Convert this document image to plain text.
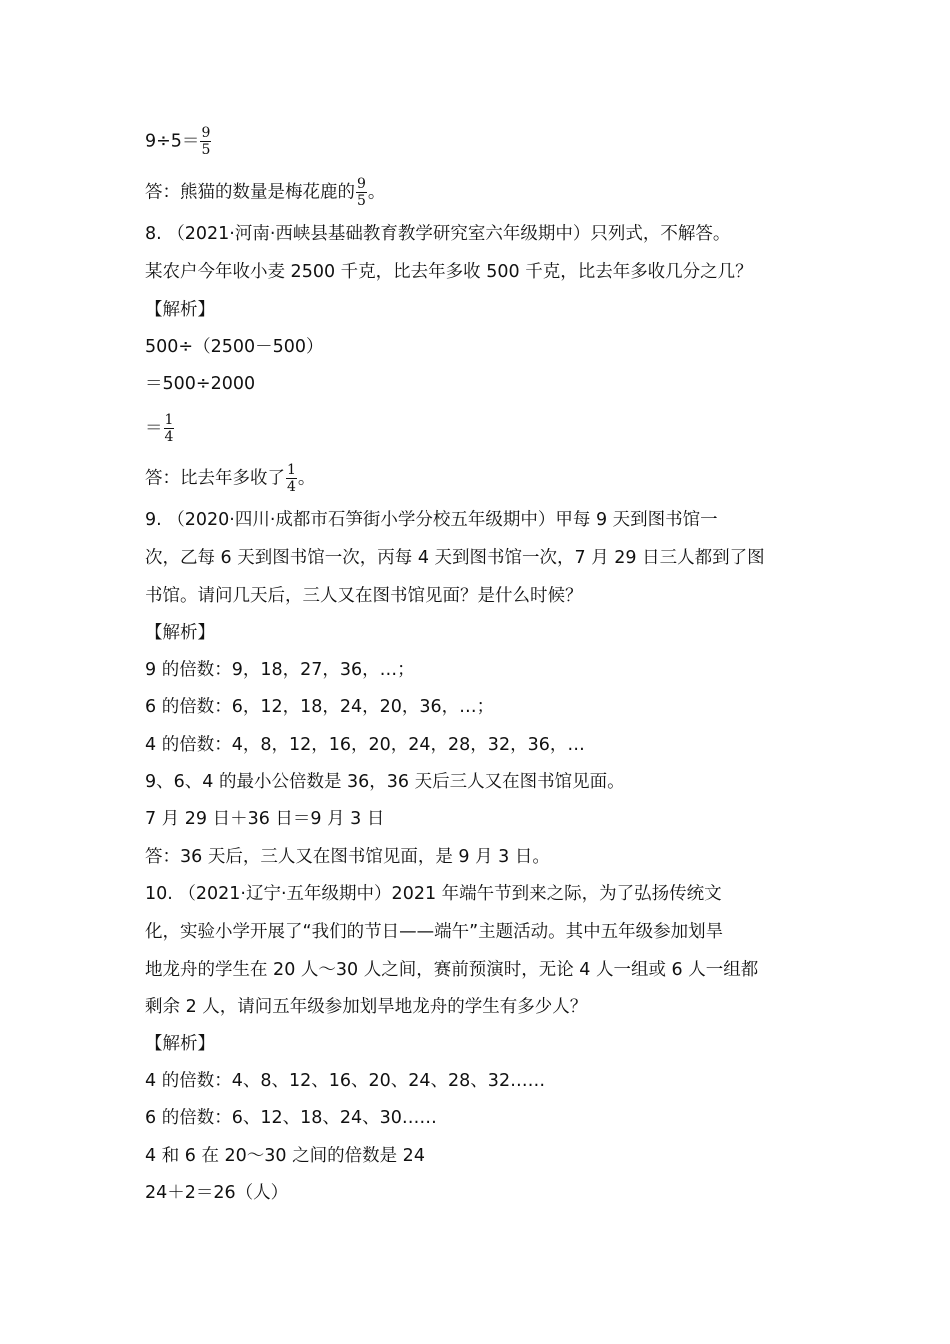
$9\div 5= \frac{9}{5}$
答：熊猫的数量是梅花鹿的 $\frac{9}{5}$ 。
8. （2021·河南·西峡县基础教育教学研究室六年级期中）只列式，不解答。
某农户今年收小麦 2500 千克，比去年多收 500 千克，比去年多收几分之几？
【解析】
500÷（2500－500）
＝500÷2000
＝ $\frac{1}{4}$
答：比去年多收了 $\frac{1}{4}$ 。
9. （2020·四川·成都市石笋街小学分校五年级期中）甲每 9 天到图书馆一
次，乙每 6 天到图书馆一次，丙每 4 天到图书馆一次，7 月 29 日三人都到了图
书馆。请问几天后，三人又在图书馆见面？是什么时候？
【解析】
9 的倍数：9，18，27，36，…；
6 的倍数：6，12，18，24，20，36，…；
4 的倍数：4，8，12，16，20，24，28，32，36，…
9、6、4 的最小公倍数是 36，36 天后三人又在图书馆见面。
7 月 29 日＋36 日＝9 月 3 日
答：36 天后，三人又在图书馆见面，是 9 月 3 日。
10. （2021·辽宁·五年级期中）2021 年端午节到来之际，为了弘扬传统文
化，实验小学开展了“我们的节日——端午”主题活动。其中五年级参加划旱
地龙舟的学生在 20 人～30 人之间，赛前预演时，无论 4 人一组或 6 人一组都
剩余 2 人，请问五年级参加划旱地龙舟的学生有多少人？
【解析】
4 的倍数：4、8、12、16、20、24、28、32……
6 的倍数：6、12、18、24、30……
4 和 6 在 20～30 之间的倍数是 24
24＋2＝26（人）
